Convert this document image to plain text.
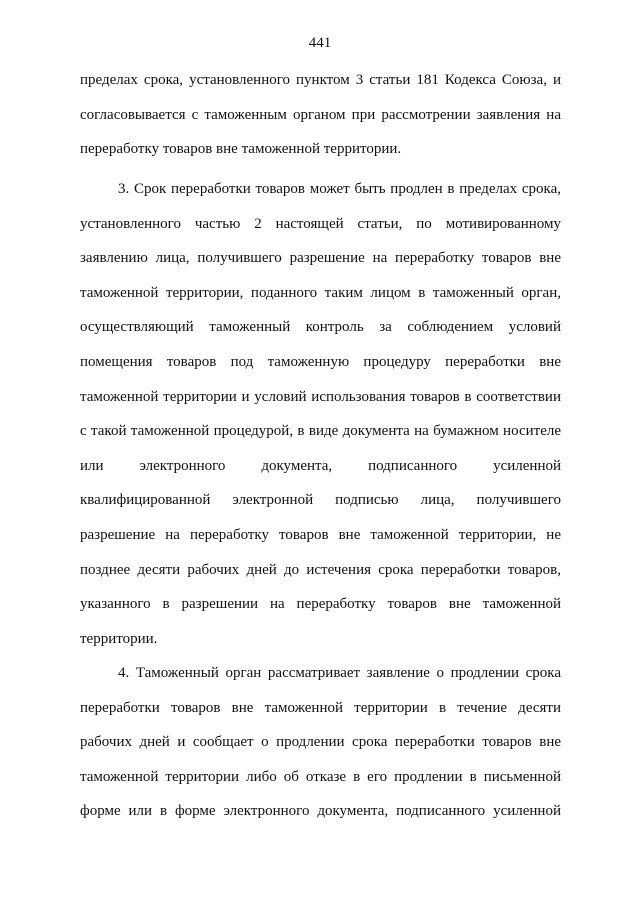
441
пределах срока, установленного пунктом 3 статьи 181 Кодекса Союза, и
согласовывается с таможенным органом при рассмотрении заявления на
переработку товаров вне таможенной территории.
3. Срок переработки товаров может быть продлен в пределах срока,
установленного частью 2 настоящей статьи, по мотивированному
заявлению лица, получившего разрешение на переработку товаров вне
таможенной территории, поданного таким лицом в таможенный орган,
осуществляющий таможенный контроль за соблюдением условий
помещения товаров под таможенную процедуру переработки вне
таможенной территории и условий использования товаров в соответствии
с такой таможенной процедурой, в виде документа на бумажном носителе
или электронного документа, подписанного усиленной
квалифицированной электронной подписью лица, получившего
разрешение на переработку товаров вне таможенной территории, не
позднее десяти рабочих дней до истечения срока переработки товаров,
указанного в разрешении на переработку товаров вне таможенной
территории.
4. Таможенный орган рассматривает заявление о продлении срока
переработки товаров вне таможенной территории в течение десяти
рабочих дней и сообщает о продлении срока переработки товаров вне
таможенной территории либо об отказе в его продлении в письменной
форме или в форме электронного документа, подписанного усиленной
